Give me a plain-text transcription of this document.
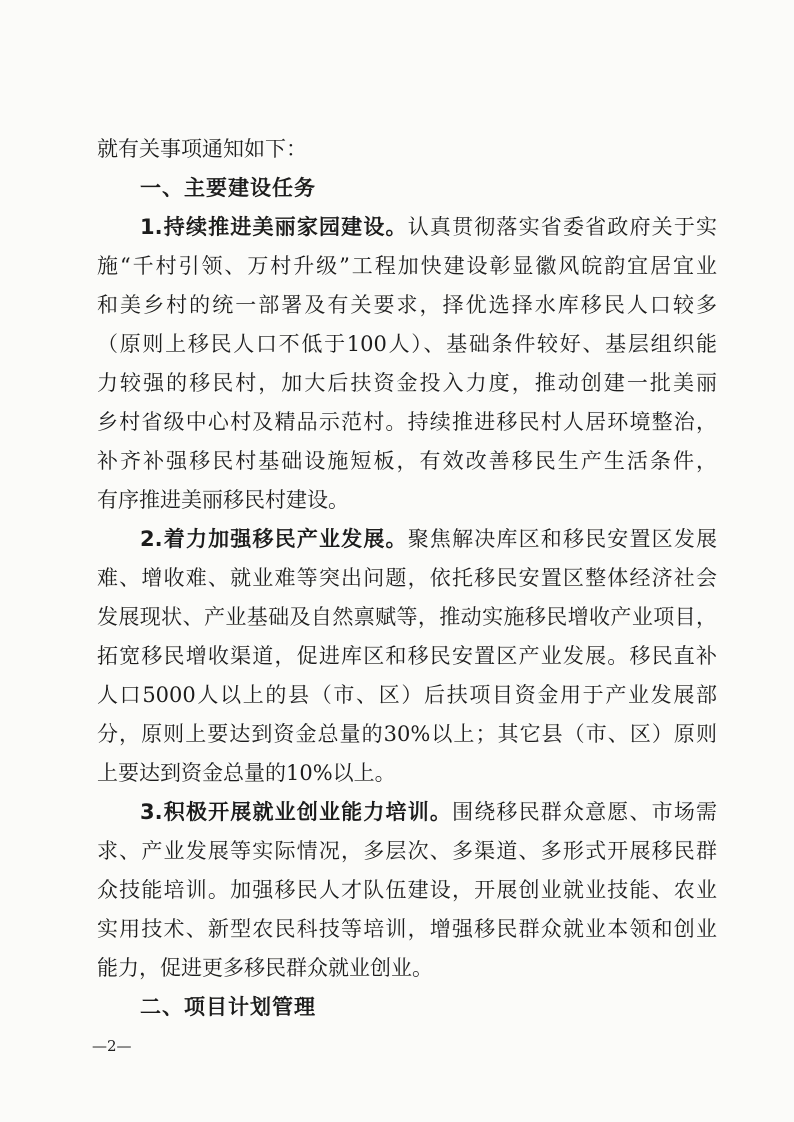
就有关事项通知如下：
一、主要建设任务
1.持续推进美丽家园建设。认真贯彻落实省委省政府关于实
施“千村引领、万村升级”工程加快建设彰显徽风皖韵宜居宜业
和美乡村的统一部署及有关要求，择优选择水库移民人口较多
（原则上移民人口不低于100人）、基础条件较好、基层组织能
力较强的移民村，加大后扶资金投入力度，推动创建一批美丽
乡村省级中心村及精品示范村。持续推进移民村人居环境整治，
补齐补强移民村基础设施短板，有效改善移民生产生活条件，
有序推进美丽移民村建设。
2.着力加强移民产业发展。聚焦解决库区和移民安置区发展
难、增收难、就业难等突出问题，依托移民安置区整体经济社会
发展现状、产业基础及自然禀赋等，推动实施移民增收产业项目，
拓宽移民增收渠道，促进库区和移民安置区产业发展。移民直补
人口5000人以上的县（市、区）后扶项目资金用于产业发展部
分，原则上要达到资金总量的30%以上；其它县（市、区）原则
上要达到资金总量的10%以上。
3.积极开展就业创业能力培训。围绕移民群众意愿、市场需
求、产业发展等实际情况，多层次、多渠道、多形式开展移民群
众技能培训。加强移民人才队伍建设，开展创业就业技能、农业
实用技术、新型农民科技等培训，增强移民群众就业本领和创业
能力，促进更多移民群众就业创业。
二、项目计划管理
—2—
